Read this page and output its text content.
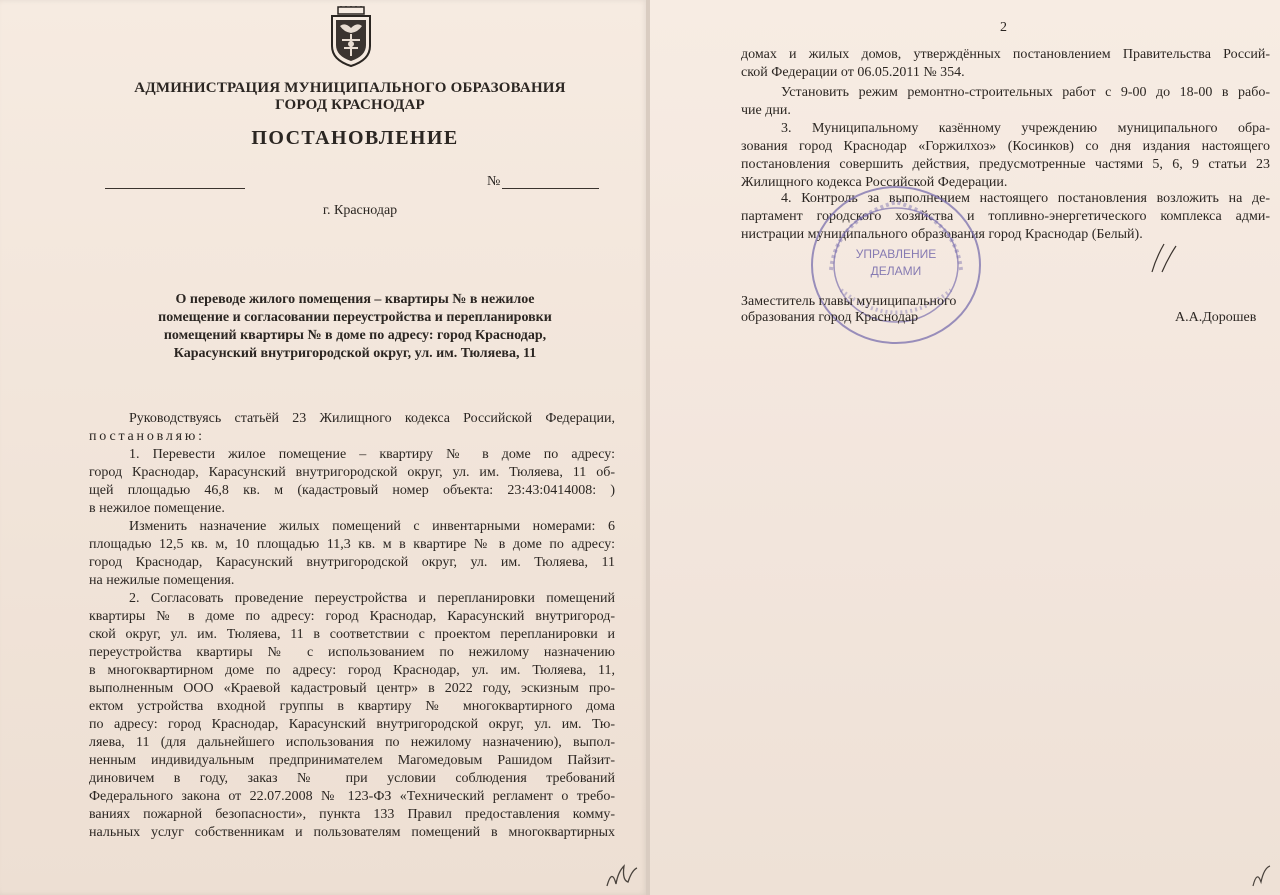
АДМИНИСТРАЦИЯ МУНИЦИПАЛЬНОГО ОБРАЗОВАНИЯ
ГОРОД КРАСНОДАР
ПОСТАНОВЛЕНИЕ
№
г. Краснодар
О переводе жилого помещения – квартиры № в нежилое
помещение и согласовании переустройства и перепланировки
помещений квартиры № в доме по адресу: город Краснодар,
Карасунский внутригородской округ, ул. им. Тюляева, 11
Руководствуясь статьёй 23 Жилищного кодекса Российской Федерации,
постановляю:
1. Перевести жилое помещение – квартиру № в доме по адресу:
город Краснодар, Карасунский внутригородской округ, ул. им. Тюляева, 11 об-
щей площадью 46,8 кв. м (кадастровый номер объекта: 23:43:0414008: )
в нежилое помещение.
Изменить назначение жилых помещений с инвентарными номерами: 6
площадью 12,5 кв. м, 10 площадью 11,3 кв. м в квартире № в доме по адресу:
город Краснодар, Карасунский внутригородской округ, ул. им. Тюляева, 11
на нежилые помещения.
2. Согласовать проведение переустройства и перепланировки помещений
квартиры № в доме по адресу: город Краснодар, Карасунский внутригород-
ской округ, ул. им. Тюляева, 11 в соответствии с проектом перепланировки и
переустройства квартиры № с использованием по нежилому назначению
в многоквартирном доме по адресу: город Краснодар, ул. им. Тюляева, 11,
выполненным ООО «Краевой кадастровый центр» в 2022 году, эскизным про-
ектом устройства входной группы в квартиру № многоквартирного дома
по адресу: город Краснодар, Карасунский внутригородской округ, ул. им. Тю-
ляева, 11 (для дальнейшего использования по нежилому назначению), выпол-
ненным индивидуальным предпринимателем Магомедовым Рашидом Пайзит-
диновичем в году, заказ № при условии соблюдения требований
Федерального закона от 22.07.2008 № 123-ФЗ «Технический регламент о требо-
ваниях пожарной безопасности», пункта 133 Правил предоставления комму-
нальных услуг собственникам и пользователям помещений в многоквартирных
2
домах и жилых домов, утверждённых постановлением Правительства Россий-
ской Федерации от 06.05.2011 № 354.
Установить режим ремонтно-строительных работ с 9-00 до 18-00 в рабо-
чие дни.
3. Муниципальному казённому учреждению муниципального обра-
зования город Краснодар «Горжилхоз» (Косинков) со дня издания настоящего
постановления совершить действия, предусмотренные частями 5, 6, 9 статьи 23
Жилищного кодекса Российской Федерации.
4. Контроль за выполнением настоящего постановления возложить на де-
партамент городского хозяйства и топливно-энергетического комплекса адми-
нистрации муниципального образования город Краснодар (Белый).
УПРАВЛЕНИЕ
ДЕЛАМИ
Заместитель главы муниципального
образования город Краснодар	А.А.Дорошев
